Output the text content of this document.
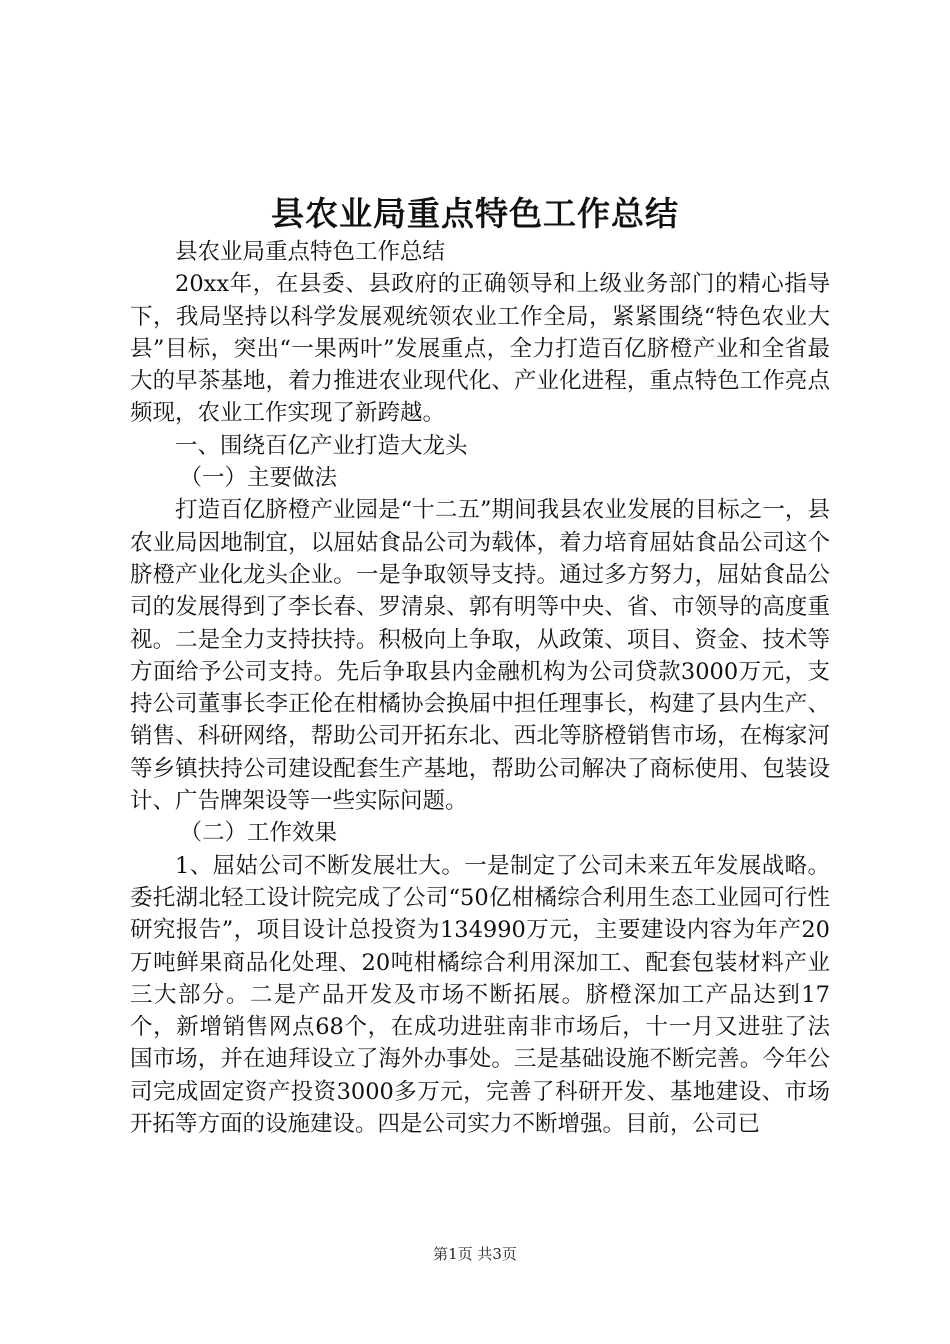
县农业局重点特色工作总结

县农业局重点特色工作总结

20xx年，在县委、县政府的正确领导和上级业务部门的精心指导下，我局坚持以科学发展观统领农业工作全局，紧紧围绕“特色农业大县”目标，突出“一果两叶”发展重点，全力打造百亿脐橙产业和全省最大的早茶基地，着力推进农业现代化、产业化进程，重点特色工作亮点频现，农业工作实现了新跨越。

一、围绕百亿产业打造大龙头

（一）主要做法

打造百亿脐橙产业园是“十二五”期间我县农业发展的目标之一，县农业局因地制宜，以屈姑食品公司为载体，着力培育屈姑食品公司这个脐橙产业化龙头企业。一是争取领导支持。通过多方努力，屈姑食品公司的发展得到了李长春、罗清泉、郭有明等中央、省、市领导的高度重视。二是全力支持扶持。积极向上争取，从政策、项目、资金、技术等方面给予公司支持。先后争取县内金融机构为公司贷款3000万元，支持公司董事长李正伦在柑橘协会换届中担任理事长，构建了县内生产、销售、科研网络，帮助公司开拓东北、西北等脐橙销售市场，在梅家河等乡镇扶持公司建设配套生产基地，帮助公司解决了商标使用、包装设计、广告牌架设等一些实际问题。

（二）工作效果

1、屈姑公司不断发展壮大。一是制定了公司未来五年发展战略。委托湖北轻工设计院完成了公司“50亿柑橘综合利用生态工业园可行性研究报告”，项目设计总投资为134990万元，主要建设内容为年产20万吨鲜果商品化处理、20吨柑橘综合利用深加工、配套包装材料产业三大部分。二是产品开发及市场不断拓展。脐橙深加工产品达到17个，新增销售网点68个，在成功进驻南非市场后，十一月又进驻了法国市场，并在迪拜设立了海外办事处。三是基础设施不断完善。今年公司完成固定资产投资3000多万元，完善了科研开发、基地建设、市场开拓等方面的设施建设。四是公司实力不断增强。目前，公司已

第1页 共3页
